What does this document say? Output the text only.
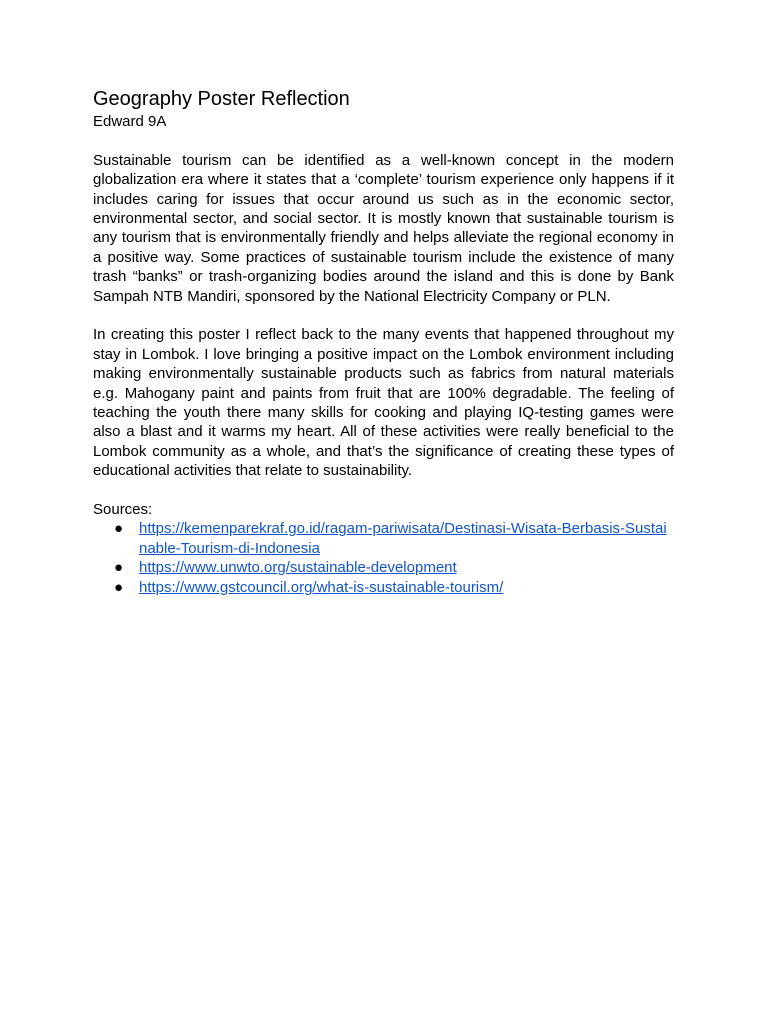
Geography Poster Reflection

Edward 9A

Sustainable tourism can be identified as a well-known concept in the modern globalization era where it states that a ‘complete’ tourism experience only happens if it includes caring for issues that occur around us such as in the economic sector, environmental sector, and social sector. It is mostly known that sustainable tourism is any tourism that is environmentally friendly and helps alleviate the regional economy in a positive way. Some practices of sustainable tourism include the existence of many trash “banks” or trash-organizing bodies around the island and this is done by Bank Sampah NTB Mandiri, sponsored by the National Electricity Company or PLN.

In creating this poster I reflect back to the many events that happened throughout my stay in Lombok. I love bringing a positive impact on the Lombok environment including making environmentally sustainable products such as fabrics from natural materials e.g. Mahogany paint and paints from fruit that are 100% degradable. The feeling of teaching the youth there many skills for cooking and playing IQ-testing games were also a blast and it warms my heart. All of these activities were really beneficial to the Lombok community as a whole, and that’s the significance of creating these types of educational activities that relate to sustainability.

Sources:

● https://kemenparekraf.go.id/ragam-pariwisata/Destinasi-Wisata-Berbasis-Sustainable-Tourism-di-Indonesia
● https://www.unwto.org/sustainable-development
● https://www.gstcouncil.org/what-is-sustainable-tourism/
